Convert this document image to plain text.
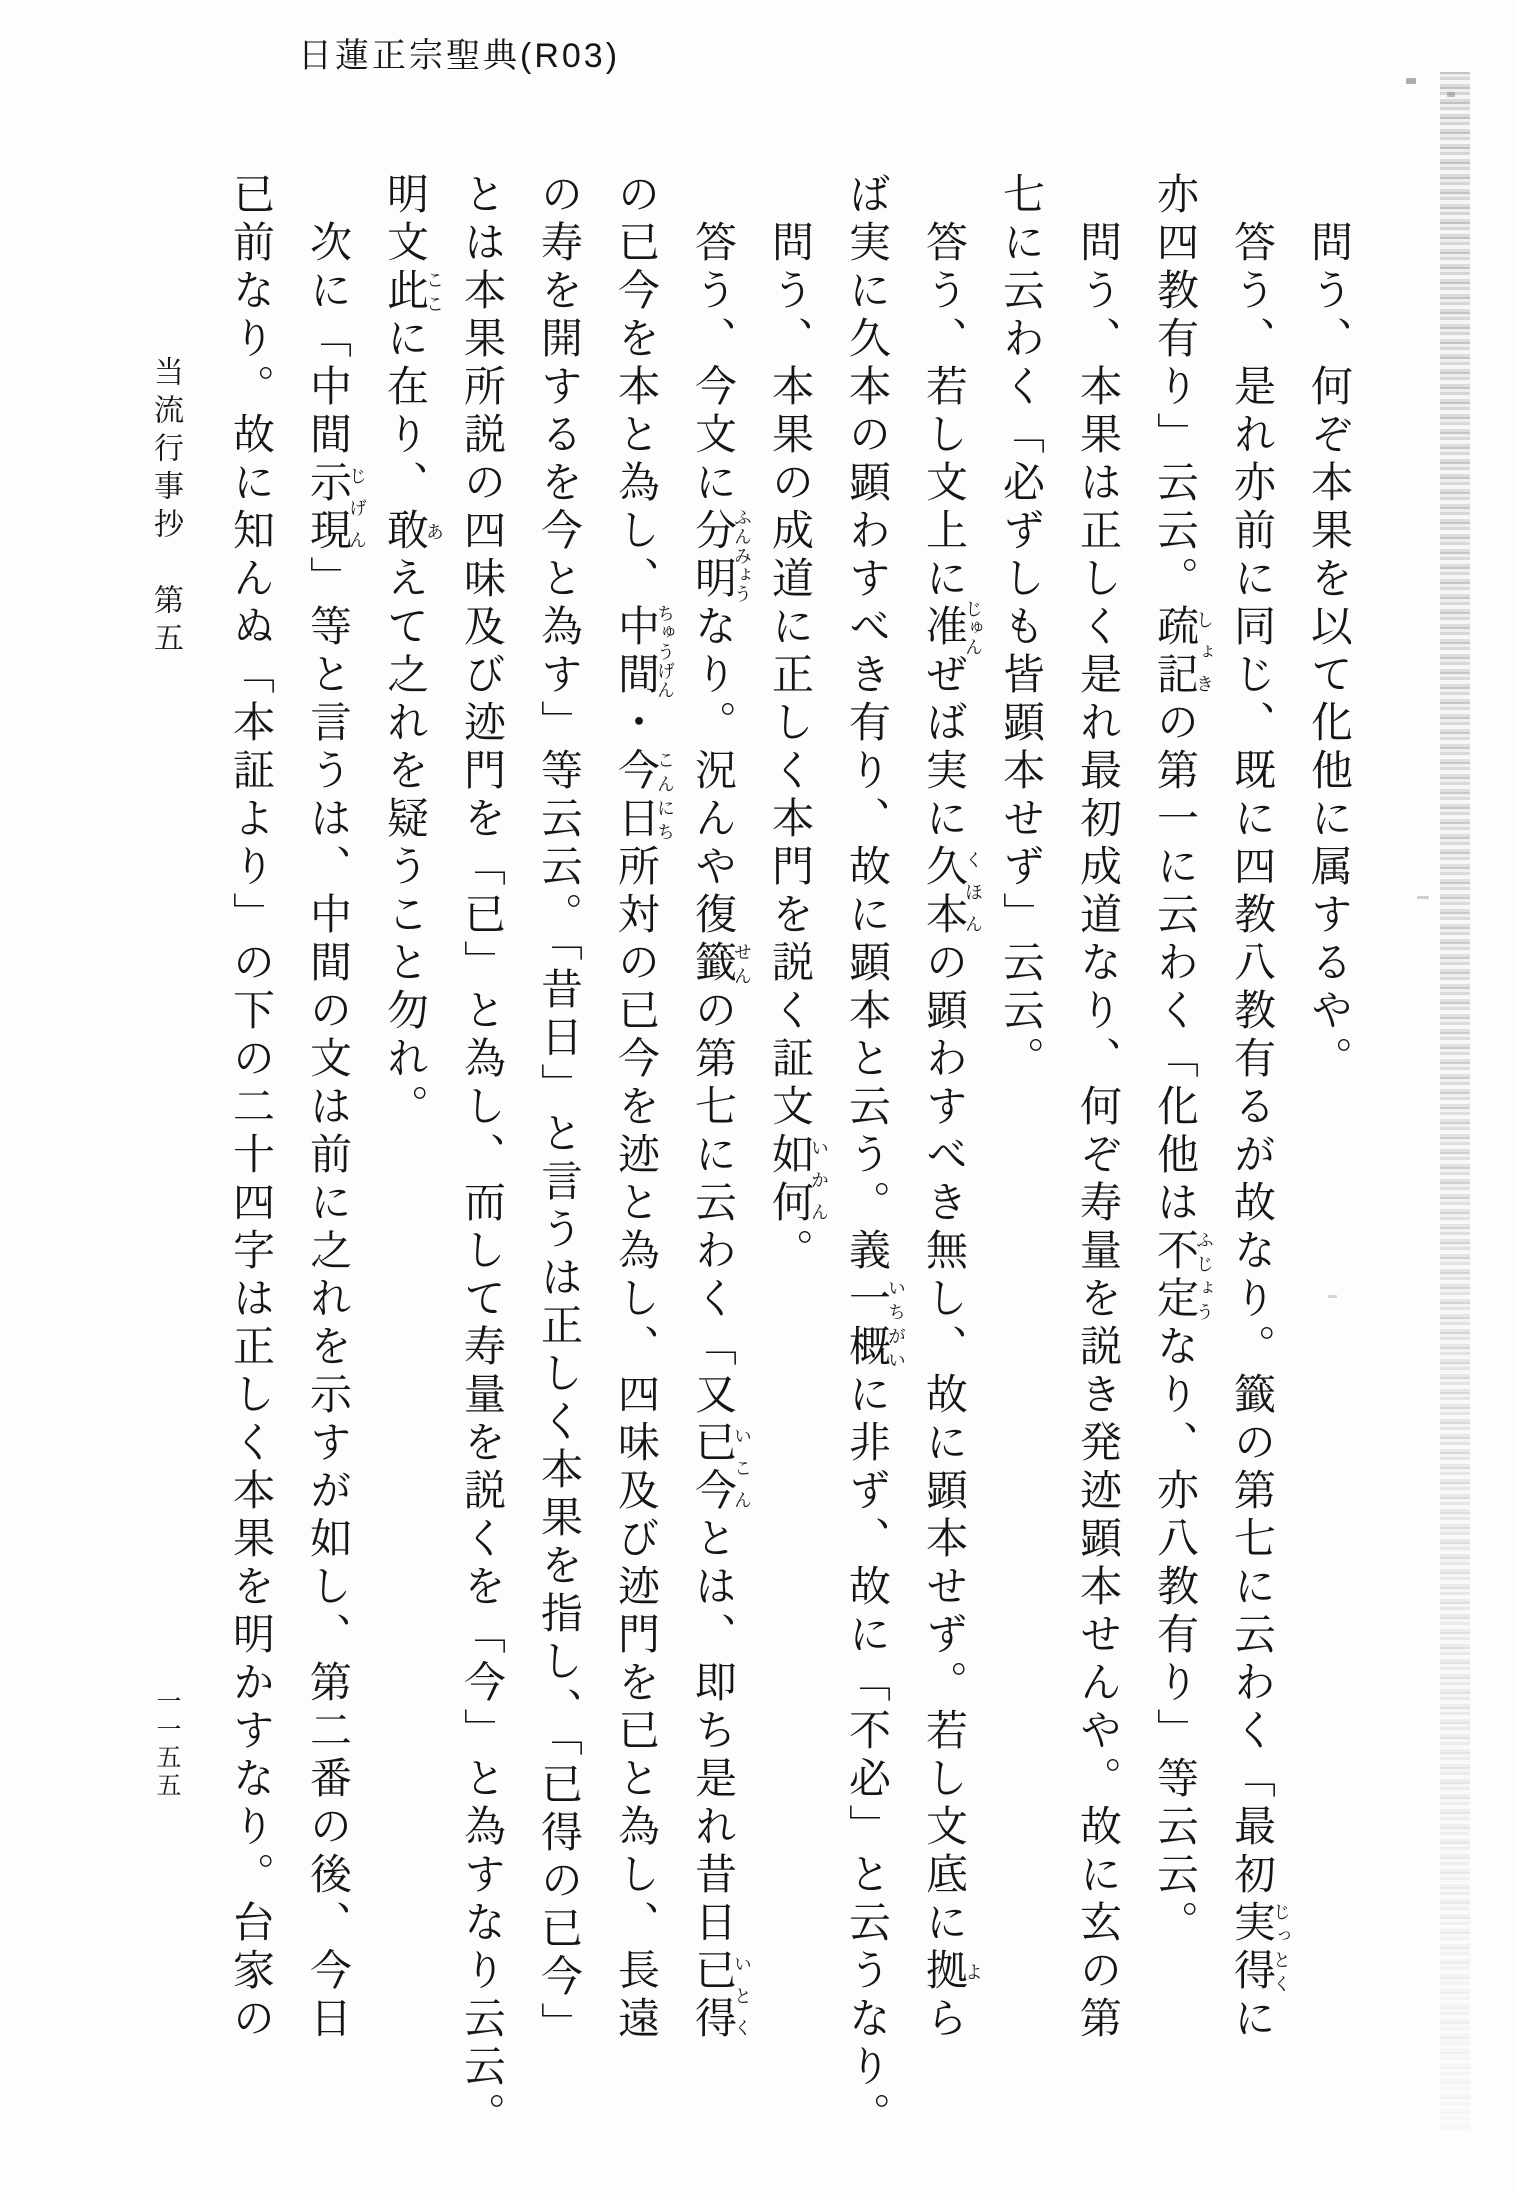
日蓮正宗聖典(R03)
問う、何ぞ本果を以て化他に属するや。
答う、是れ亦前に同じ、既に四教八教有るが故なり。籤の第七に云わく「最初実得じっとくに
亦四教有り」云云。疏記しょきの第一に云わく「化他は不定ふじょうなり、亦八教有り」等云云。
問う、本果は正しく是れ最初成道なり、何ぞ寿量を説き発迹顕本せんや。故に玄の第
七に云わく「必ずしも皆顕本せず」云云。
答う、若し文上に准じゅんぜば実に久本くほんの顕わすべき無し、故に顕本せず。若し文底に拠よら
ば実に久本の顕わすべき有り、故に顕本と云う。義一概いちがいに非ず、故に「不必」と云うなり。
問う、本果の成道に正しく本門を説く証文如何いかん。
答う、今文に分明ふんみょうなり。況んや復籤せんの第七に云わく「又已今いこんとは、即ち是れ昔日已得いとく
の已今を本と為し、中間ちゅうげん・今日こんにち所対の已今を迹と為し、四味及び迹門を已と為し、長遠
の寿を開するを今と為す」等云云。「昔日」と言うは正しく本果を指し、「已得の已今」
とは本果所説の四味及び迹門を「已」と為し、而して寿量を説くを「今」と為すなり云云。
明文此ここに在り、敢あえて之れを疑うこと勿れ。
次に「中間示現じげん」等と言うは、中間の文は前に之れを示すが如し、第二番の後、今日
已前なり。故に知んぬ「本証より」の下の二十四字は正しく本果を明かすなり。台家の
当流行事抄　第五
一一五五
